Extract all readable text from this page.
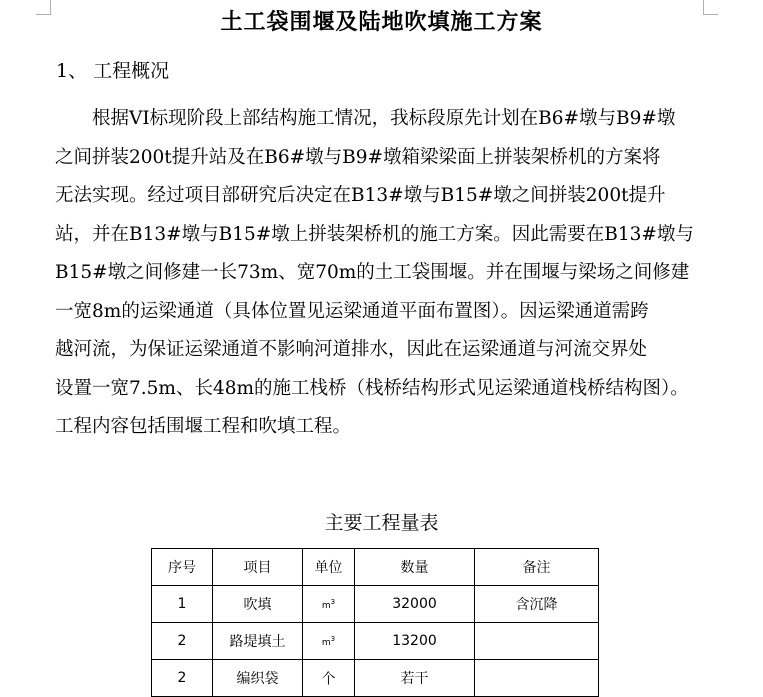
土工袋围堰及陆地吹填施工方案
1、 工程概况
根据VI标现阶段上部结构施工情况，我标段原先计划在B6#墩与B9#墩
之间拼装200t提升站及在B6#墩与B9#墩箱梁梁面上拼装架桥机的方案将
无法实现。经过项目部研究后决定在B13#墩与B15#墩之间拼装200t提升
站，并在B13#墩与B15#墩上拼装架桥机的施工方案。因此需要在B13#墩与
B15#墩之间修建一长73m、宽70m的土工袋围堰。并在围堰与梁场之间修建
一宽8m的运梁通道（具体位置见运梁通道平面布置图）。因运梁通道需跨
越河流，为保证运梁通道不影响河道排水，因此在运梁通道与河流交界处
设置一宽7.5m、长48m的施工栈桥（栈桥结构形式见运梁通道栈桥结构图）。
工程内容包括围堰工程和吹填工程。
主要工程量表
序号	项目	单位	数量	备注
1	吹填	$m^3$	32000	含沉降
2	路堤填土	$m^3$	13200	
2	编织袋	个	若干	
